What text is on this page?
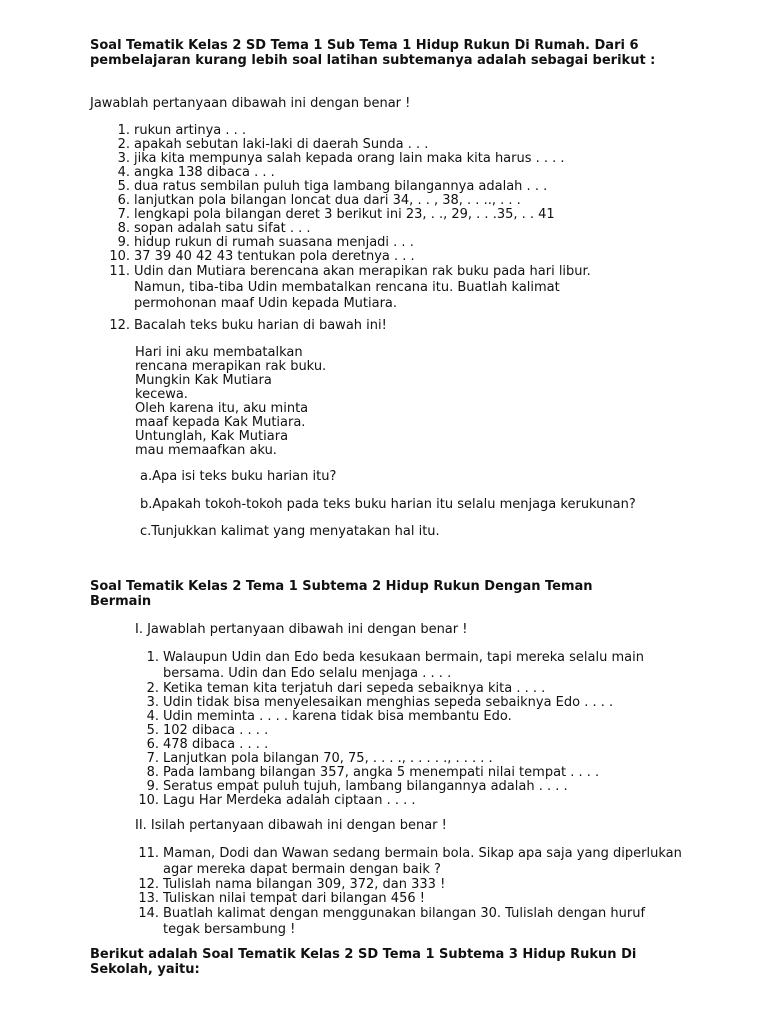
Soal Tematik Kelas 2 SD Tema 1 Sub Tema 1 Hidup Rukun Di Rumah. Dari 6 pembelajaran kurang lebih soal latihan subtemanya adalah sebagai berikut :

Jawablah pertanyaan dibawah ini dengan benar !

1 . rukun artinya . . .
2 . apakah sebutan laki-laki di daerah Sunda . . .
3 . jika kita mempunya salah kepada orang lain maka kita harus . . . .
4 . angka 138 dibaca . . .
5 . dua ratus sembilan puluh tiga lambang bilangannya adalah . . .
6 . lanjutkan pola bilangan loncat dua dari 34, . . , 38, . . .., . . .
7 . lengkapi pola bilangan deret 3 berikut ini 23, . ., 29, . . .35, . . 41
8 . sopan adalah satu sifat . . .
9 . hidup rukun di rumah suasana menjadi . . .
10 . 37 39 40 42 43 tentukan pola deretnya . . .
11 . Udin dan Mutiara berencana akan merapikan rak buku pada hari libur. Namun, tiba-tiba Udin membatalkan rencana itu. Buatlah kalimat permohonan maaf Udin kepada Mutiara.
12 . Bacalah teks buku harian di bawah ini!
Hari ini aku membatalkan
rencana merapikan rak buku.
Mungkin Kak Mutiara
kecewa.
Oleh karena itu, aku minta
maaf kepada Kak Mutiara.
Untunglah, Kak Mutiara
mau memaafkan aku.

a.Apa isi teks buku harian itu?

b.Apakah tokoh-tokoh pada teks buku harian itu selalu menjaga kerukunan?

c.Tunjukkan kalimat yang menyatakan hal itu.

Soal Tematik Kelas 2 Tema 1 Subtema 2 Hidup Rukun Dengan Teman Bermain

I. Jawablah pertanyaan dibawah ini dengan benar !

1 . Walaupun Udin dan Edo beda kesukaan bermain, tapi mereka selalu main bersama. Udin dan Edo selalu menjaga . . . .
2 . Ketika teman kita terjatuh dari sepeda sebaiknya kita . . . .
3 . Udin tidak bisa menyelesaikan menghias sepeda sebaiknya Edo . . . .
4 . Udin meminta . . . . karena tidak bisa membantu Edo.
5 . 102 dibaca . . . .
6 . 478 dibaca . . . .
7 . Lanjutkan pola bilangan 70, 75, . . . ., . . . . ., . . . . .
8 . Pada lambang bilangan 357, angka 5 menempati nilai tempat . . . .
9 . Seratus empat puluh tujuh, lambang bilangannya adalah . . . .
10 . Lagu Har Merdeka adalah ciptaan . . . .

II. Isilah pertanyaan dibawah ini dengan benar !

11 . Maman, Dodi dan Wawan sedang bermain bola. Sikap apa saja yang diperlukan agar mereka dapat bermain dengan baik ?
12 . Tulislah nama bilangan 309, 372, dan 333 !
13 . Tuliskan nilai tempat dari bilangan 456 !
14 . Buatlah kalimat dengan menggunakan bilangan 30. Tulislah dengan huruf tegak bersambung !
Berikut adalah Soal Tematik Kelas 2 SD Tema 1 Subtema 3 Hidup Rukun Di Sekolah, yaitu:
